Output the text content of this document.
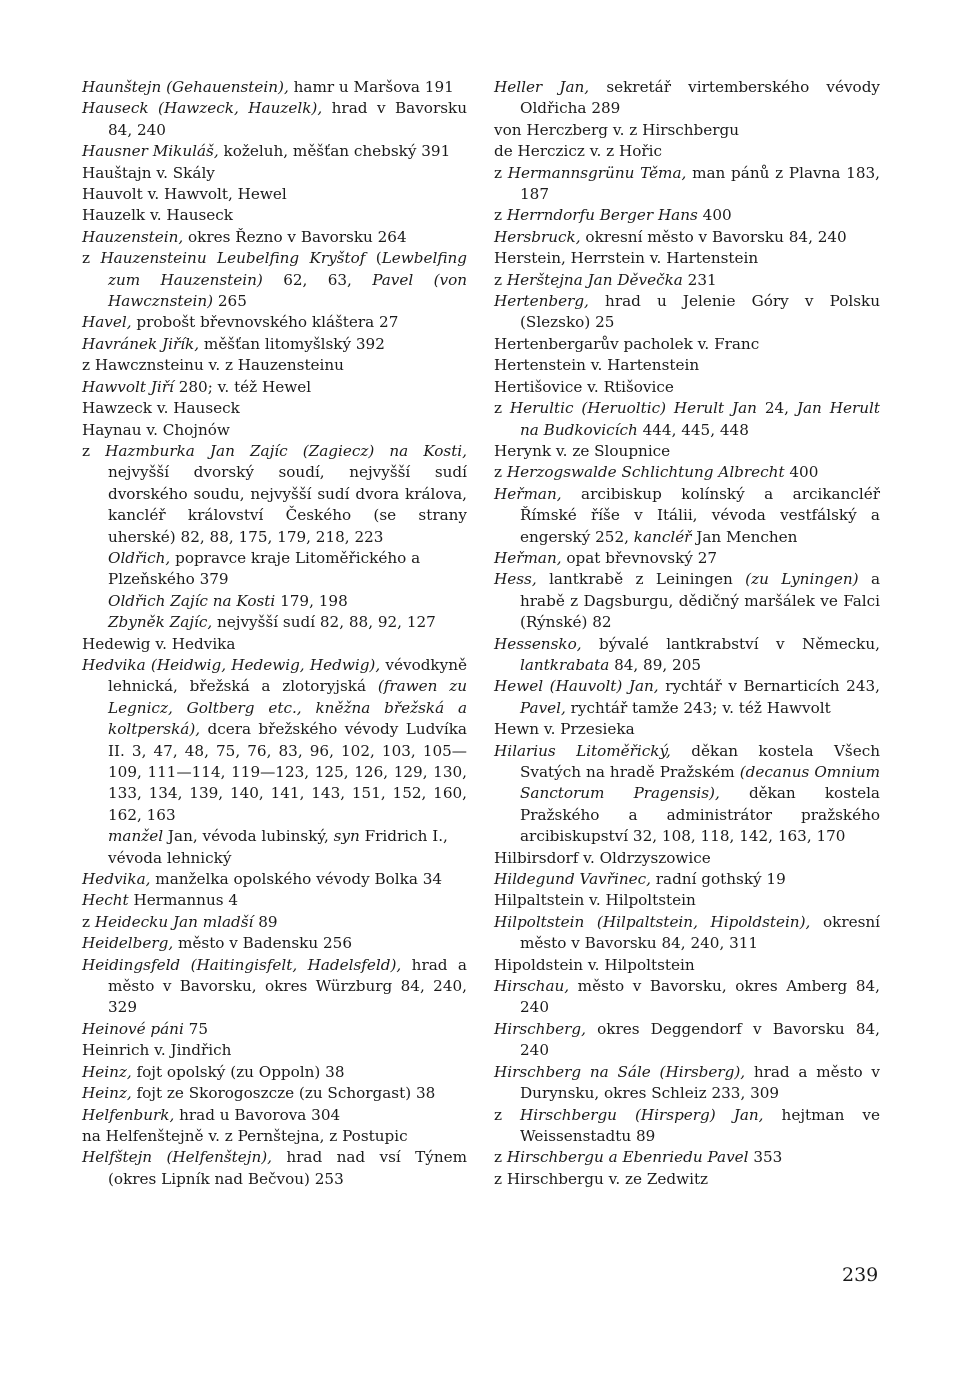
Haunštejn (Gehauenstein), hamr u Maršova 191

Hauseck (Hawzeck, Hauzelk), hrad v Bavorsku 84, 240

Hausner Mikuláš, koželuh, měšťan chebský 391

Hauštajn v. Skály

Hauvolt v. Hawvolt, Hewel

Hauzelk v. Hauseck

Hauzenstein, okres Řezno v Bavorsku 264

z Hauzensteinu Leubelfing Kryštof (Lewbelfing zum Hauzenstein) 62, 63, Pavel (von Hawcznstein) 265

Havel, probošt břevnovského kláštera 27

Havránek Jiřík, měšťan litomyšlský 392

z Hawcznsteinu v. z Hauzensteinu

Hawvolt Jiří 280; v. též Hewel

Hawzeck v. Hauseck

Haynau v. Chojnów

z Hazmburka Jan Zajíc (Zagiecz) na Kosti, nejvyšší dvorský soudí, nejvyšší sudí dvorského soudu, nejvyšší sudí dvora králova, kancléř království Českého (se strany uherské) 82, 88, 175, 179, 218, 223

Oldřich, popravce kraje Litoměřického a Plzeňského 379

Oldřich Zajíc na Kosti 179, 198

Zbyněk Zajíc, nejvyšší sudí 82, 88, 92, 127

Hedewig v. Hedvika

Hedvika (Heidwig, Hedewig, Hedwig), vévodkyně lehnická, břežská a zlotoryjská (frawen zu Legnicz, Goltberg etc., kněžna břežská a koltperská), dcera břežského vévody Ludvíka II. 3, 47, 48, 75, 76, 83, 96, 102, 103, 105—109, 111—114, 119—123, 125, 126, 129, 130, 133, 134, 139, 140, 141, 143, 151, 152, 160, 162, 163

manžel Jan, vévoda lubinský, syn Fridrich I., vévoda lehnický

Hedvika, manželka opolského vévody Bolka 34

Hecht Hermannus 4

z Heidecku Jan mladší 89

Heidelberg, město v Badensku 256

Heidingsfeld (Haitingisfelt, Hadelsfeld), hrad a město v Bavorsku, okres Würzburg 84, 240, 329

Heinové páni 75

Heinrich v. Jindřich

Heinz, fojt opolský (zu Oppoln) 38

Heinz, fojt ze Skorogoszcze (zu Schorgast) 38

Helfenburk, hrad u Bavorova 304

na Helfenštejně v. z Pernštejna, z Postupic

Helfštejn (Helfenštejn), hrad nad vsí Týnem (okres Lipník nad Bečvou) 253

Heller Jan, sekretář virtemberského vévody Oldřicha 289

von Herczberg v. z Hirschbergu

de Herczicz v. z Hořic

z Hermannsgrünu Těma, man pánů z Plavna 183, 187

z Herrndorfu Berger Hans 400

Hersbruck, okresní město v Bavorsku 84, 240

Herstein, Herrstein v. Hartenstein

z Herštejna Jan Děvečka 231

Hertenberg, hrad u Jelenie Góry v Polsku (Slezsko) 25

Hertenbergarův pacholek v. Franc

Hertenstein v. Hartenstein

Hertišovice v. Rtišovice

z Herultic (Heruoltic) Herult Jan 24, Jan Herult na Budkovicích 444, 445, 448

Herynk v. ze Sloupnice

z Herzogswalde Schlichtung Albrecht 400

Heřman, arcibiskup kolínský a arcikancléř Římské říše v Itálii, vévoda vestfálský a engerský 252, kancléř Jan Menchen

Heřman, opat břevnovský 27

Hess, lantkrabě z Leiningen (zu Lyningen) a hrabě z Dagsburgu, dědičný maršálek ve Falci (Rýnské) 82

Hessensko, bývalé lantkrabství v Německu, lantkrabata 84, 89, 205

Hewel (Hauvolt) Jan, rychtář v Bernarticích 243, Pavel, rychtář tamže 243; v. též Hawvolt

Hewn v. Przesieka

Hilarius Litoměřický, děkan kostela Všech Svatých na hradě Pražském (decanus Omnium Sanctorum Pragensis), děkan kostela Pražského a administrátor pražského arcibiskupství 32, 108, 118, 142, 163, 170

Hilbirsdorf v. Oldrzyszowice

Hildegund Vavřinec, radní gothský 19

Hilpaltstein v. Hilpoltstein

Hilpoltstein (Hilpaltstein, Hipoldstein), okresní město v Bavorsku 84, 240, 311

Hipoldstein v. Hilpoltstein

Hirschau, město v Bavorsku, okres Amberg 84, 240

Hirschberg, okres Deggendorf v Bavorsku 84, 240

Hirschberg na Sále (Hirsberg), hrad a město v Durynsku, okres Schleiz 233, 309

z Hirschbergu (Hirsperg) Jan, hejtman ve Weissenstadtu 89

z Hirschbergu a Ebenriedu Pavel 353

z Hirschbergu v. ze Zedwitz

239
